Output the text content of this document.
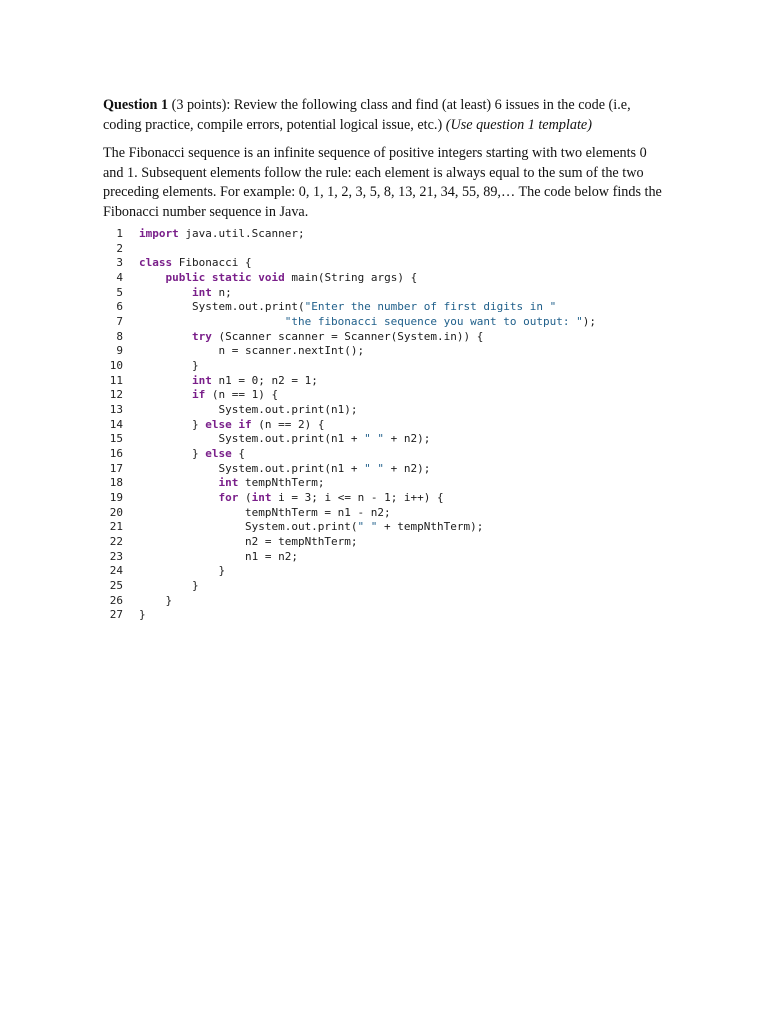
Question 1 (3 points): Review the following class and find (at least) 6 issues in the code (i.e, coding practice, compile errors, potential logical issue, etc.) (Use question 1 template)

The Fibonacci sequence is an infinite sequence of positive integers starting with two elements 0 and 1. Subsequent elements follow the rule: each element is always equal to the sum of the two preceding elements. For example: 0, 1, 1, 2, 3, 5, 8, 13, 21, 34, 55, 89,… The code below finds the Fibonacci number sequence in Java.

1 import java.util.Scanner;
2
3 class Fibonacci {
4	public static void main(String args) {
5	int n;
6 System.out.print("Enter the number of first digits in "
7	"the fibonacci sequence you want to output: ");
8	try (Scanner scanner = Scanner(System.in)) {
9 n = scanner.nextInt();
10 }
11	int n1 = 0; n2 = 1;
12	if (n == 1) {
13 System.out.print(n1);
14 } else if (n == 2) {
15 System.out.print(n1 + " " + n2);
16 } else {
17 System.out.print(n1 + " " + n2);
18	int tempNthTerm;
19	for (int i = 3; i <= n - 1; i++) {
20 tempNthTerm = n1 - n2;
21 System.out.print(" " + tempNthTerm);
22 n2 = tempNthTerm;
23 n1 = n2;
24 }
25 }
26 }
27 }
